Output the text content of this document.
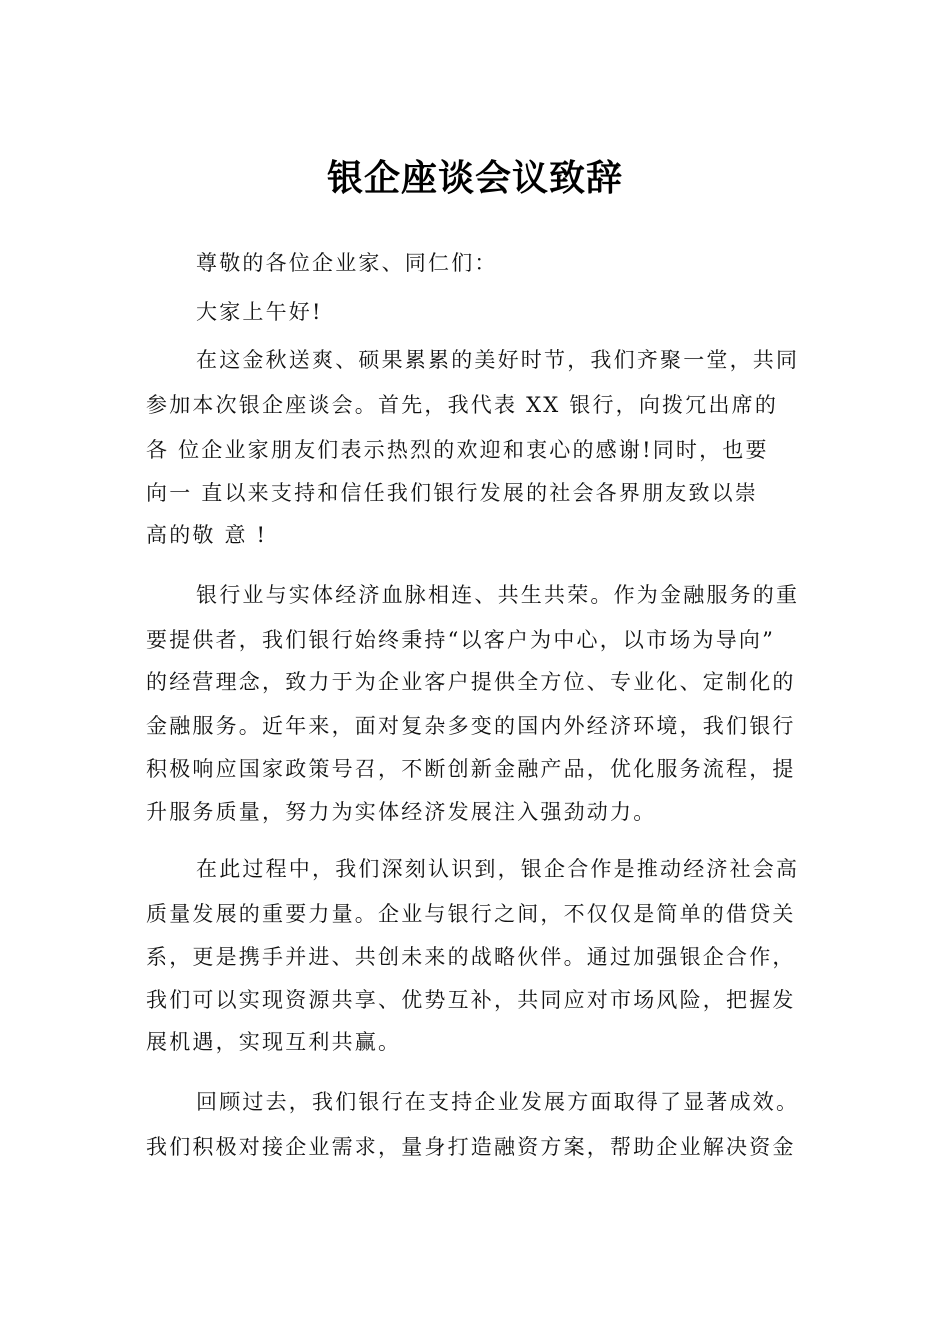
银企座谈会议致辞

尊敬的各位企业家、同仁们：

大家上午好!

在这金秋送爽、硕果累累的美好时节，我们齐聚一堂，共同

参加本次银企座谈会。首先，我代表 XX 银行，向拨冗出席的

各 位企业家朋友们表示热烈的欢迎和衷心的感谢!同时，也要

向一 直以来支持和信任我们银行发展的社会各界朋友致以崇

高的敬 意 !

银行业与实体经济血脉相连、共生共荣。作为金融服务的重

要提供者，我们银行始终秉持“以客户为中心，以市场为导向”

的经营理念，致力于为企业客户提供全方位、专业化、定制化的

金融服务。近年来，面对复杂多变的国内外经济环境，我们银行

积极响应国家政策号召，不断创新金融产品，优化服务流程，提

升服务质量，努力为实体经济发展注入强劲动力。

在此过程中，我们深刻认识到，银企合作是推动经济社会高

质量发展的重要力量。企业与银行之间，不仅仅是简单的借贷关

系，更是携手并进、共创未来的战略伙伴。通过加强银企合作，

我们可以实现资源共享、优势互补，共同应对市场风险，把握发

展机遇，实现互利共赢。

回顾过去，我们银行在支持企业发展方面取得了显著成效。

我们积极对接企业需求，量身打造融资方案，帮助企业解决资金
